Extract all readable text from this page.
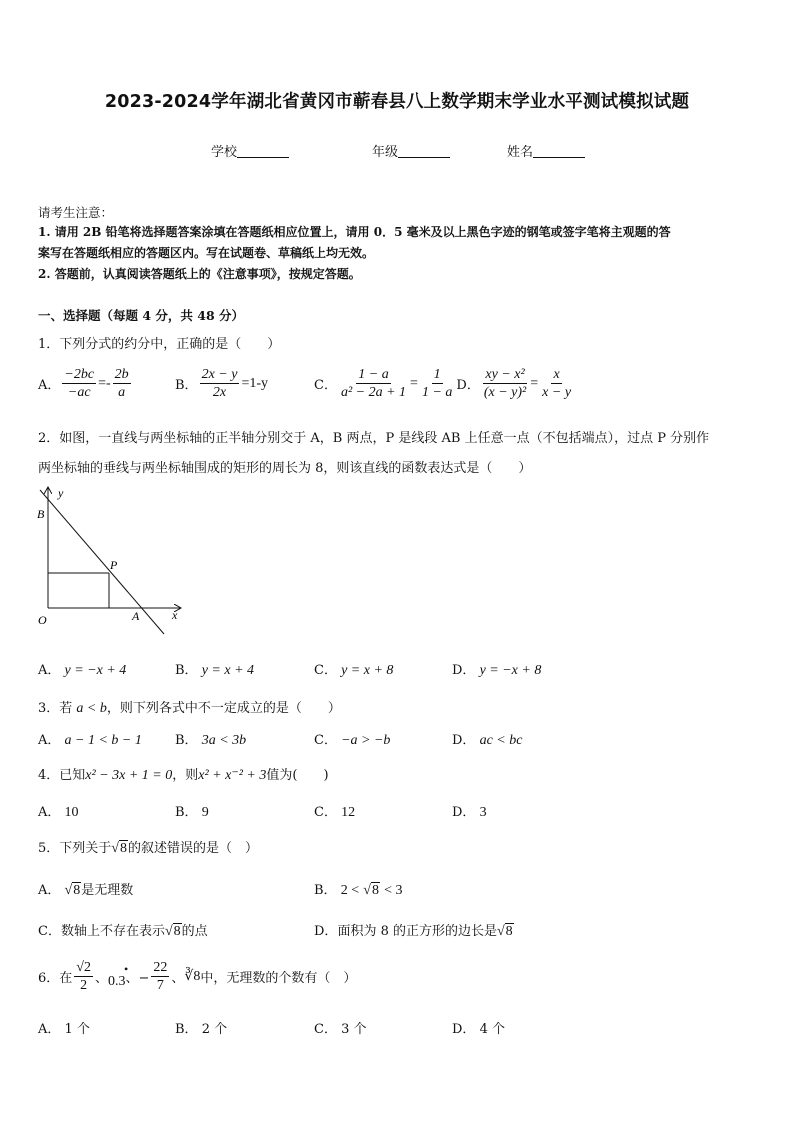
2023-2024学年湖北省黄冈市蕲春县八上数学期末学业水平测试模拟试题
学校	年级	姓名
请考生注意：
1. 请用 2B 铅笔将选择题答案涂填在答题纸相应位置上，请用 0．5 毫米及以上黑色字迹的钢笔或签字笔将主观题的答
案写在答题纸相应的答题区内。写在试题卷、草稿纸上均无效。
2. 答题前，认真阅读答题纸上的《注意事项》，按规定答题。
一、选择题（每题 4 分，共 48 分）
1．下列分式的约分中，正确的是（　　）
A． $\frac{-2bc}{-ac} =- \frac{2b}{a}$	B． $\frac{2x - y}{2x} =1-y$	C． $\frac{1 - a}{\text{a² − 2a + 1}} = \frac{1}{1 - a}$ D． $\frac{\text{xy − x²}}{\text{(x − y)²}} = \frac{x}{x - y}$
2．如图，一直线与两坐标轴的正半轴分别交于 A，B 两点，P 是线段 AB 上任意一点（不包括端点），过点 P 分别作
两坐标轴的垂线与两坐标轴围成的矩形的周长为 8，则该直线的函数表达式是（　　）
y
x
O	A
B
P
A． y = −x + 4	B． y = x + 4	C． y = x + 8	D． y = −x + 8
3．若 a < b，则下列各式中不一定成立的是（　　）
A． a − 1 < b − 1	B． 3a < 3b	C． −a > −b	D． ac < bc
4．已知x² − 3x + 1 = 0，则x² + x⁻² + 3值为(　　)
A． 10	B． 9	C． 12	D． 3
5．下列关于√8的叙述错误的是（　）
A． √8是无理数	B． 2 < √8 < 3
C．数轴上不存在表示√8的点	D．面积为 8 的正方形的边长是√8
6．在 $\frac{√2}{2}$ 、
•
0.3 、− $\frac{22}{7}$ 、 ∛8 中，无理数的个数有（　）
A． 1 个	B． 2 个	C． 3 个	D． 4 个
